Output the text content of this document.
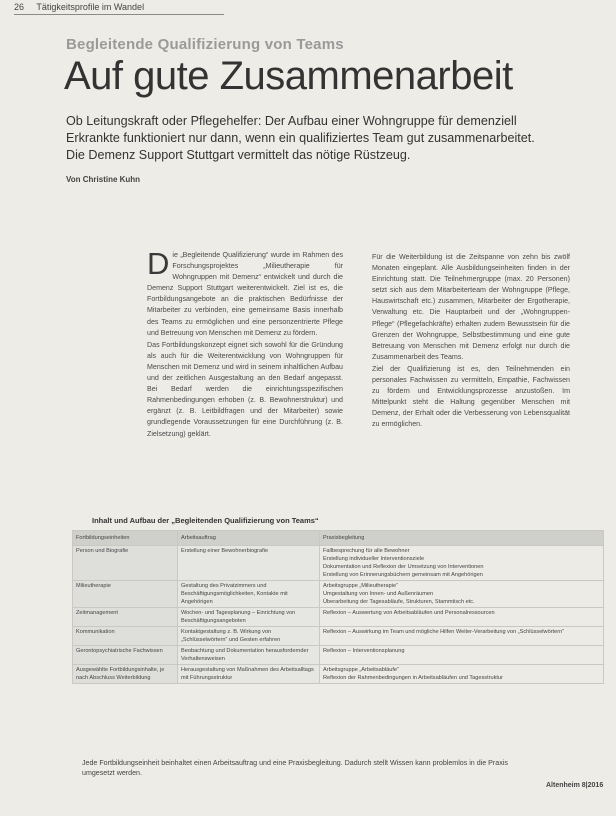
26 Tätigkeitsprofile im Wandel
Begleitende Qualifizierung von Teams
Auf gute Zusammenarbeit
Ob Leitungskraft oder Pflegehelfer: Der Aufbau einer Wohngruppe für demenziell Erkrankte funktioniert nur dann, wenn ein qualifiziertes Team gut zusammenarbeitet. Die Demenz Support Stuttgart vermittelt das nötige Rüstzeug.
Von Christine Kuhn

Die „Begleitende Qualifizierung“ wurde im Rahmen des Forschungsprojektes „Milieutherapie für Wohngruppen mit Demenz“ entwickelt und durch die Demenz Support Stuttgart weiterentwickelt. Ziel ist es, die Fortbildungsangebote an die praktischen Bedürfnisse der Mitarbeiter zu verbinden, eine gemeinsame Basis innerhalb des Teams zu ermöglichen und eine personzentrierte Pflege und Betreuung von Menschen mit Demenz zu fördern.

Das Fortbildungskonzept eignet sich sowohl für die Gründung als auch für die Weiterentwicklung von Wohngruppen für Menschen mit Demenz und wird in seinem inhaltlichen Aufbau und der zeitlichen Ausgestaltung an den Bedarf angepasst. Bei Bedarf werden die einrichtungsspezifischen Rahmenbedingungen erhoben (z. B. Bewohnerstruktur) und ergänzt (z. B. Leitbildfragen und der Mitarbeiter) sowie grundlegende Voraussetzungen für eine Durchführung (z. B. Zielsetzung) geklärt.

Für die Weiterbildung ist die Zeitspanne von zehn bis zwölf Monaten eingeplant. Alle Ausbildungseinheiten finden in der Einrichtung statt. Die Teilnehmergruppe (max. 20 Personen) setzt sich aus dem Mitarbeiterteam der Wohngruppe (Pflege, Hauswirtschaft etc.) zusammen, Mitarbeiter der Ergotherapie, Verwaltung etc. Die Hauptarbeit und der „Wohngruppen-Pflege“ (Pflegefachkräfte) erhalten zudem Bewusstsein für die Grenzen der Wohngruppe, Selbstbestimmung und eine gute Betreuung von Menschen mit Demenz erfolgt nur durch die Zusammenarbeit des Teams.

Ziel der Qualifizierung ist es, den Teilnehmenden ein personales Fachwissen zu vermitteln, Empathie, Fachwissen zu fördern und Entwicklungsprozesse anzustoßen. Im Mittelpunkt steht die Haltung gegenüber Menschen mit Demenz, der Erhalt oder die Verbesserung von Lebensqualität zu ermöglichen.

Inhalt und Aufbau der „Begleitenden Qualifizierung von Teams“
Fortbildungseinheiten	Arbeitsauftrag	Praxisbegleitung
Person und Biografie	Erstellung einer Bewohnerbiografie	Fallbesprechung für alle Bewohner
Erstellung individueller Interventionsziele
Dokumentation und Reflexion der Umsetzung von Interventionen
Erstellung von Erinnerungsbüchern gemeinsam mit Angehörigen

Milieutherapie	Gestaltung des Privatzimmers und Beschäftigungsmöglichkeiten, Kontakte mit Angehörigen	Arbeitsgruppe „Milieutherapie“
Umgestaltung von Innen- und Außenräumen
Überarbeitung der Tagesabläufe, Strukturen, Stammtisch etc.

Zeitmanagement	Wochen- und Tagesplanung – Einrichtung von Beschäftigungsangeboten	Reflexion – Auswertung von Arbeitsabläufen und Personalressourcen

Kommunikation	Kontaktgestaltung z. B. Wirkung von „Schlüsselwörtern“ und Gesten erfahren	Reflexion – Auswirkung im Team und mögliche Hilfen Weiter-Verarbeitung von „Schlüsselwörtern“

Gerontopsychiatrische Fachwissen	Beobachtung und Dokumentation herausfordernder Verhaltensweisen	Reflexion – Interventionsplanung

Ausgewählte Fortbildungsinhalte, je nach Abschluss Weiterbildung	Herausgestaltung von Maßnahmen des Arbeitsalltags mit Führungsstruktur	Arbeitsgruppe „Arbeitsabläufe“
Reflexion der Rahmenbedingungen in Arbeitsabläufen und Tagesstruktur
Jede Fortbildungseinheit beinhaltet einen Arbeitsauftrag und eine Praxisbegleitung. Dadurch stellt Wissen kann problemlos in die Praxis umgesetzt werden.
Altenheim 8|2016
